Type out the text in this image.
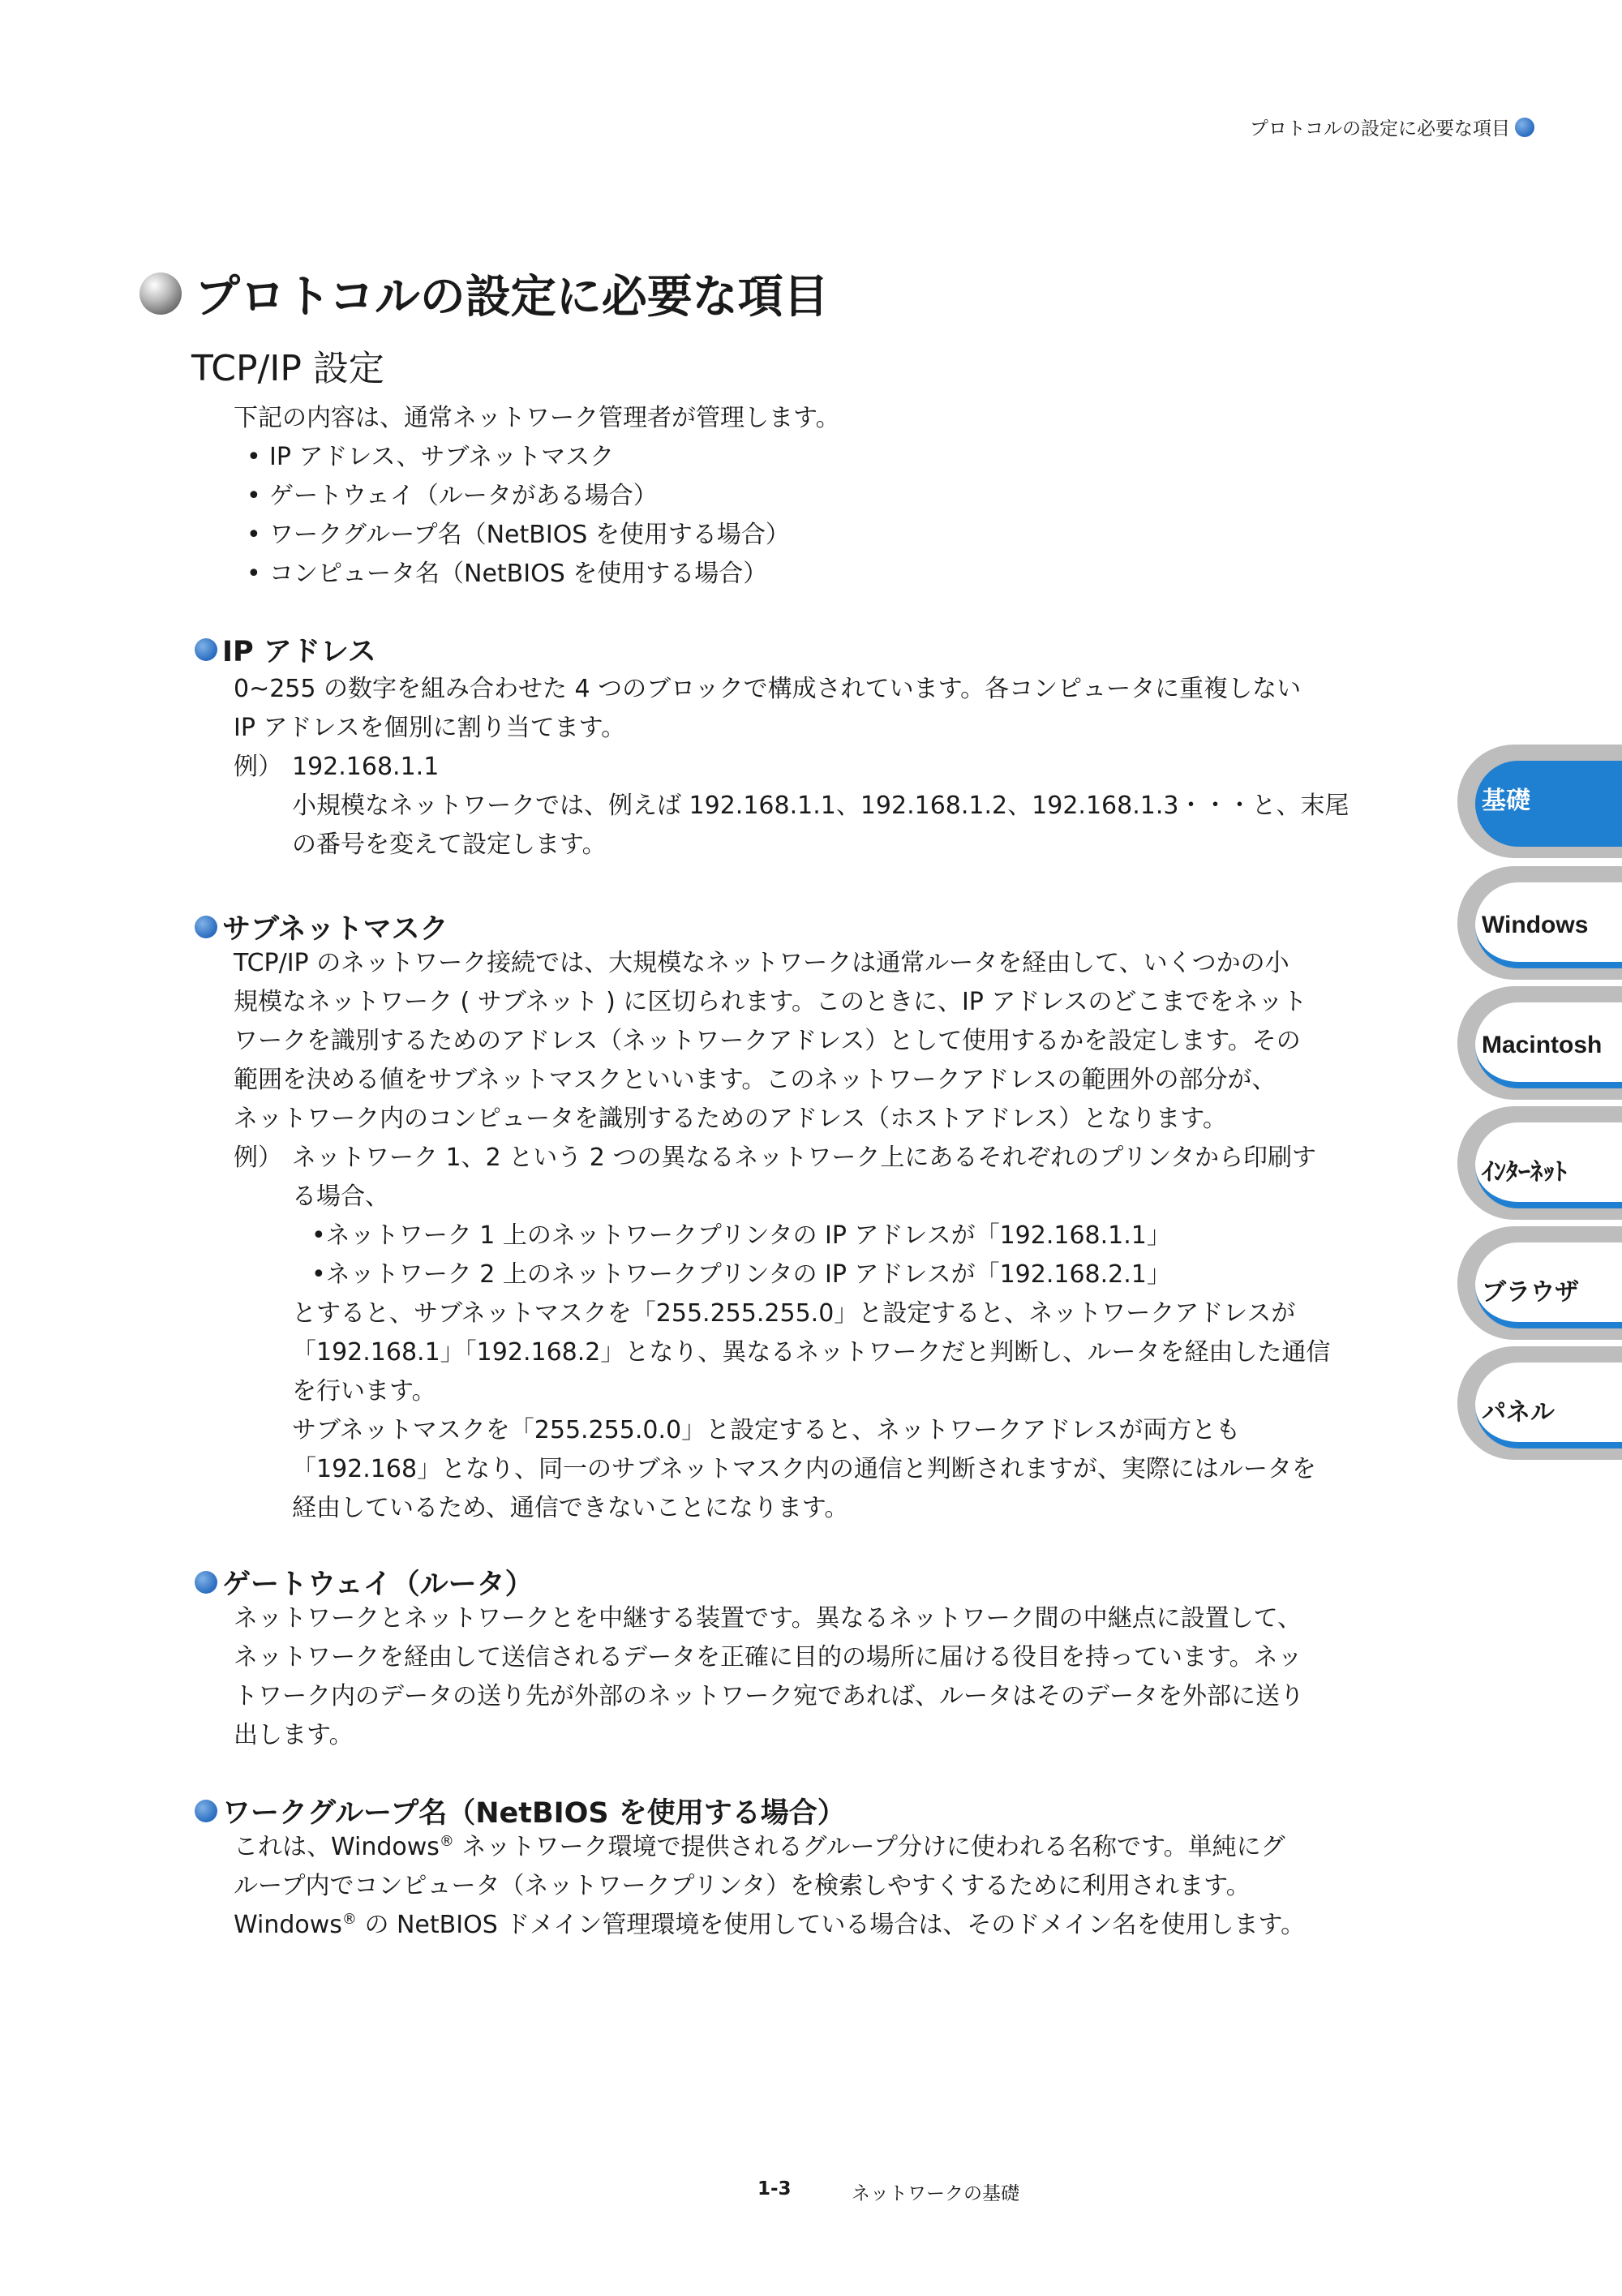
プロトコルの設定に必要な項目
プロトコルの設定に必要な項目
TCP/IP 設定
下記の内容は、通常ネットワーク管理者が管理します。
• IP アドレス、サブネットマスク
• ゲートウェイ（ルータがある場合）
• ワークグループ名（NetBIOS を使用する場合）
• コンピュータ名（NetBIOS を使用する場合）
IP アドレス
0~255 の数字を組み合わせた 4 つのブロックで構成されています。各コンピュータに重複しない
IP アドレスを個別に割り当てます。
例） 192.168.1.1
小規模なネットワークでは、例えば 192.168.1.1、192.168.1.2、192.168.1.3・・・と、末尾
の番号を変えて設定します。
サブネットマスク
TCP/IP のネットワーク接続では、大規模なネットワークは通常ルータを経由して、いくつかの小
規模なネットワーク ( サブネット ) に区切られます。このときに、IP アドレスのどこまでをネット
ワークを識別するためのアドレス（ネットワークアドレス）として使用するかを設定します。その
範囲を決める値をサブネットマスクといいます。このネットワークアドレスの範囲外の部分が、
ネットワーク内のコンピュータを識別するためのアドレス（ホストアドレス）となります。
例） ネットワーク 1、2 という 2 つの異なるネットワーク上にあるそれぞれのプリンタから印刷す
る場合、
•ネットワーク 1 上のネットワークプリンタの IP アドレスが「192.168.1.1」
•ネットワーク 2 上のネットワークプリンタの IP アドレスが「192.168.2.1」
とすると、サブネットマスクを「255.255.255.0」と設定すると、ネットワークアドレスが
「192.168.1」「192.168.2」となり、異なるネットワークだと判断し、ルータを経由した通信
を行います。
サブネットマスクを「255.255.0.0」と設定すると、ネットワークアドレスが両方とも
「192.168」となり、同一のサブネットマスク内の通信と判断されますが、実際にはルータを
経由しているため、通信できないことになります。
ゲートウェイ（ルータ）
ネットワークとネットワークとを中継する装置です。異なるネットワーク間の中継点に設置して、
ネットワークを経由して送信されるデータを正確に目的の場所に届ける役目を持っています。ネッ
トワーク内のデータの送り先が外部のネットワーク宛であれば、ルータはそのデータを外部に送り
出します。
ワークグループ名（NetBIOS を使用する場合）
これは、Windows® ネットワーク環境で提供されるグループ分けに使われる名称です。単純にグ
ループ内でコンピュータ（ネットワークプリンタ）を検索しやすくするために利用されます。
Windows® の NetBIOS ドメイン管理環境を使用している場合は、そのドメイン名を使用します。
基礎
Windows
Macintosh
ｲﾝﾀｰﾈｯﾄ
ブラウザ
パネル
1-3	ネットワークの基礎
